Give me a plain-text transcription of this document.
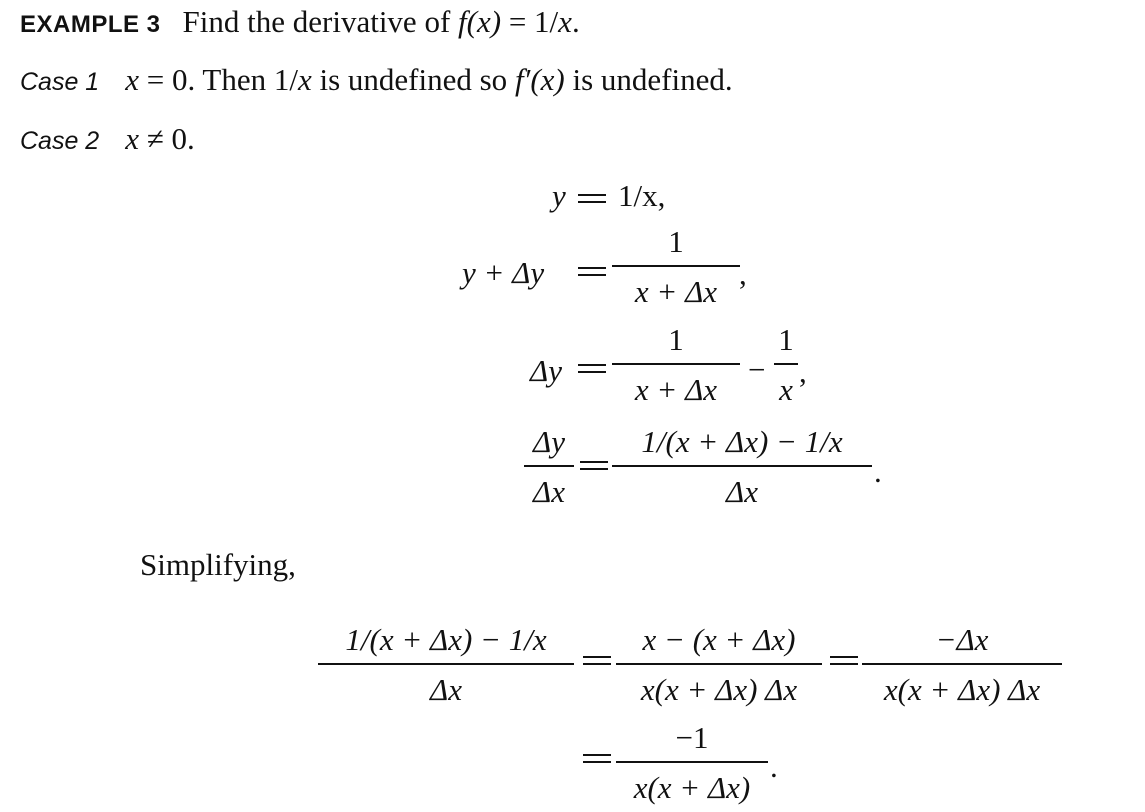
EXAMPLE 3 Find the derivative of f(x) = 1/x.
Case 1 x = 0. Then 1/x is undefined so f′(x) is undefined.
Case 2 x ≠ 0.
y 1/x,
y + Δy
1
x + Δx
,
Δy
1
x + Δx
−
1
x
,
Δy
Δx
1/(x + Δx) − 1/x
Δx
.
Simplifying,
1/(x + Δx) − 1/x
Δx
x − (x + Δx)
x(x + Δx) Δx
−Δx
x(x + Δx) Δx
−1
x(x + Δx)
.
